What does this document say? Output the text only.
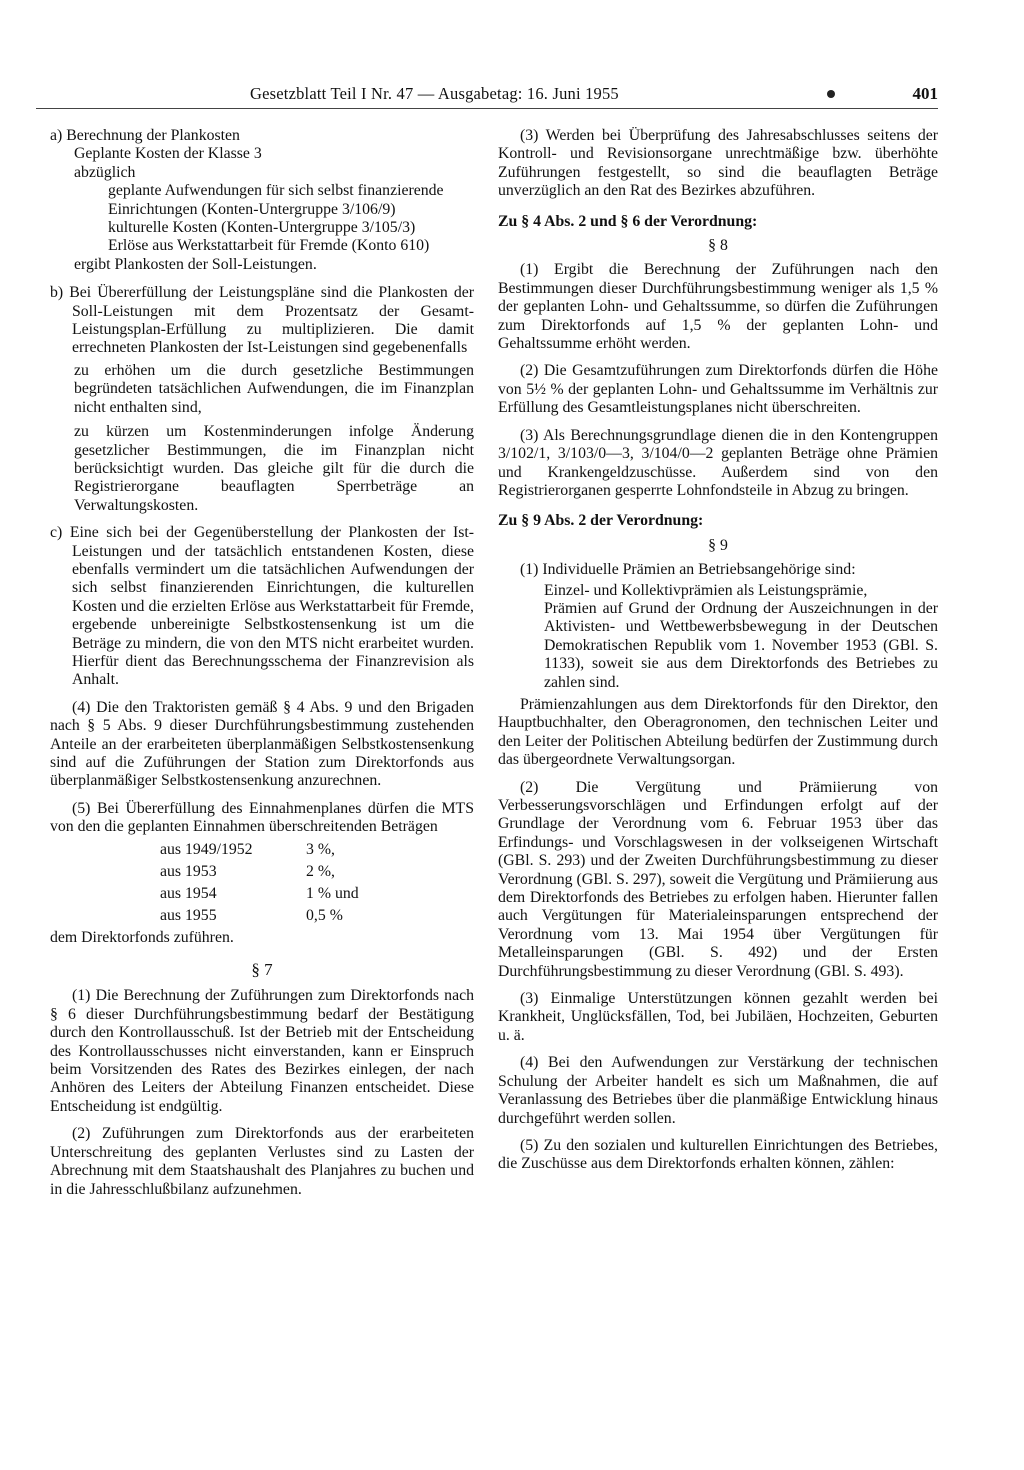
Gesetzblatt Teil I Nr. 47 — Ausgabetag: 16. Juni 1955	401
a) Berechnung der Plankosten

Geplante Kosten der Klasse 3

abzüglich

geplante Aufwendungen für sich selbst finanzierende Einrichtungen (Konten-Untergruppe 3/106/9)

kulturelle Kosten (Konten-Untergruppe 3/105/3)

Erlöse aus Werkstattarbeit für Fremde (Konto 610)

ergibt Plankosten der Soll-Leistungen.

b) Bei Übererfüllung der Leistungspläne sind die Plankosten der Soll-Leistungen mit dem Prozentsatz der Gesamt-Leistungsplan-Erfüllung zu multiplizieren. Die damit errechneten Plankosten der Ist-Leistungen sind gegebenenfalls

zu erhöhen um die durch gesetzliche Bestimmungen begründeten tatsächlichen Aufwendungen, die im Finanzplan nicht enthalten sind,

zu kürzen um Kostenminderungen infolge Änderung gesetzlicher Bestimmungen, die im Finanzplan nicht berücksichtigt wurden. Das gleiche gilt für die durch die Registrierorgane beauflagten Sperrbeträge an Verwaltungskosten.

c) Eine sich bei der Gegenüberstellung der Plankosten der Ist-Leistungen und der tatsächlich entstandenen Kosten, diese ebenfalls vermindert um die tatsächlichen Aufwendungen der sich selbst finanzierenden Einrichtungen, die kulturellen Kosten und die erzielten Erlöse aus Werkstattarbeit für Fremde, ergebende unbereinigte Selbstkostensenkung ist um die Beträge zu mindern, die von den MTS nicht erarbeitet wurden. Hierfür dient das Berechnungsschema der Finanzrevision als Anhalt.

(4) Die den Traktoristen gemäß § 4 Abs. 9 und den Brigaden nach § 5 Abs. 9 dieser Durchführungsbestimmung zustehenden Anteile an der erarbeiteten überplanmäßigen Selbstkostensenkung sind auf die Zuführungen der Station zum Direktorfonds aus überplanmäßiger Selbstkostensenkung anzurechnen.

(5) Bei Übererfüllung des Einnahmenplanes dürfen die MTS von den die geplanten Einnahmen überschreitenden Beträgen

aus 1949/1952	3 %,
aus 1953	2 %,
aus 1954	1 % und
aus 1955	0,5 %

dem Direktorfonds zuführen.

§ 7

(1) Die Berechnung der Zuführungen zum Direktorfonds nach § 6 dieser Durchführungsbestimmung bedarf der Bestätigung durch den Kontrollausschuß. Ist der Betrieb mit der Entscheidung des Kontrollausschusses nicht einverstanden, kann er Einspruch beim Vorsitzenden des Rates des Bezirkes einlegen, der nach Anhören des Leiters der Abteilung Finanzen entscheidet. Diese Entscheidung ist endgültig.

(2) Zuführungen zum Direktorfonds aus der erarbeiteten Unterschreitung des geplanten Verlustes sind zu Lasten der Abrechnung mit dem Staatshaushalt des Planjahres zu buchen und in die Jahresschlußbilanz aufzunehmen.

(3) Werden bei Überprüfung des Jahresabschlusses seitens der Kontroll- und Revisionsorgane unrechtmäßige bzw. überhöhte Zuführungen festgestellt, so sind die beauflagten Beträge unverzüglich an den Rat des Bezirkes abzuführen.

Zu § 4 Abs. 2 und § 6 der Verordnung:

§ 8

(1) Ergibt die Berechnung der Zuführungen nach den Bestimmungen dieser Durchführungsbestimmung weniger als 1,5 % der geplanten Lohn- und Gehaltssumme, so dürfen die Zuführungen zum Direktorfonds auf 1,5 % der geplanten Lohn- und Gehaltssumme erhöht werden.

(2) Die Gesamtzuführungen zum Direktorfonds dürfen die Höhe von 5½ % der geplanten Lohn- und Gehaltssumme im Verhältnis zur Erfüllung des Gesamtleistungsplanes nicht überschreiten.

(3) Als Berechnungsgrundlage dienen die in den Kontengruppen 3/102/1, 3/103/0—3, 3/104/0—2 geplanten Beträge ohne Prämien und Krankengeldzuschüsse. Außerdem sind von den Registrierorganen gesperrte Lohnfondsteile in Abzug zu bringen.

Zu § 9 Abs. 2 der Verordnung:

§ 9

(1) Individuelle Prämien an Betriebsangehörige sind:

Einzel- und Kollektivprämien als Leistungsprämie,

Prämien auf Grund der Ordnung der Auszeichnungen in der Aktivisten- und Wettbewerbsbewegung in der Deutschen Demokratischen Republik vom 1. November 1953 (GBl. S. 1133), soweit sie aus dem Direktorfonds des Betriebes zu zahlen sind.

Prämienzahlungen aus dem Direktorfonds für den Direktor, den Hauptbuchhalter, den Oberagronomen, den technischen Leiter und den Leiter der Politischen Abteilung bedürfen der Zustimmung durch das übergeordnete Verwaltungsorgan.

(2) Die Vergütung und Prämiierung von Verbesserungsvorschlägen und Erfindungen erfolgt auf der Grundlage der Verordnung vom 6. Februar 1953 über das Erfindungs- und Vorschlagswesen in der volkseigenen Wirtschaft (GBl. S. 293) und der Zweiten Durchführungsbestimmung zu dieser Verordnung (GBl. S. 297), soweit die Vergütung und Prämiierung aus dem Direktorfonds des Betriebes zu erfolgen haben. Hierunter fallen auch Vergütungen für Materialeinsparungen entsprechend der Verordnung vom 13. Mai 1954 über Vergütungen für Metalleinsparungen (GBl. S. 492) und der Ersten Durchführungsbestimmung zu dieser Verordnung (GBl. S. 493).

(3) Einmalige Unterstützungen können gezahlt werden bei Krankheit, Unglücksfällen, Tod, bei Jubiläen, Hochzeiten, Geburten u. ä.

(4) Bei den Aufwendungen zur Verstärkung der technischen Schulung der Arbeiter handelt es sich um Maßnahmen, die auf Veranlassung des Betriebes über die planmäßige Entwicklung hinaus durchgeführt werden sollen.

(5) Zu den sozialen und kulturellen Einrichtungen des Betriebes, die Zuschüsse aus dem Direktorfonds erhalten können, zählen:
